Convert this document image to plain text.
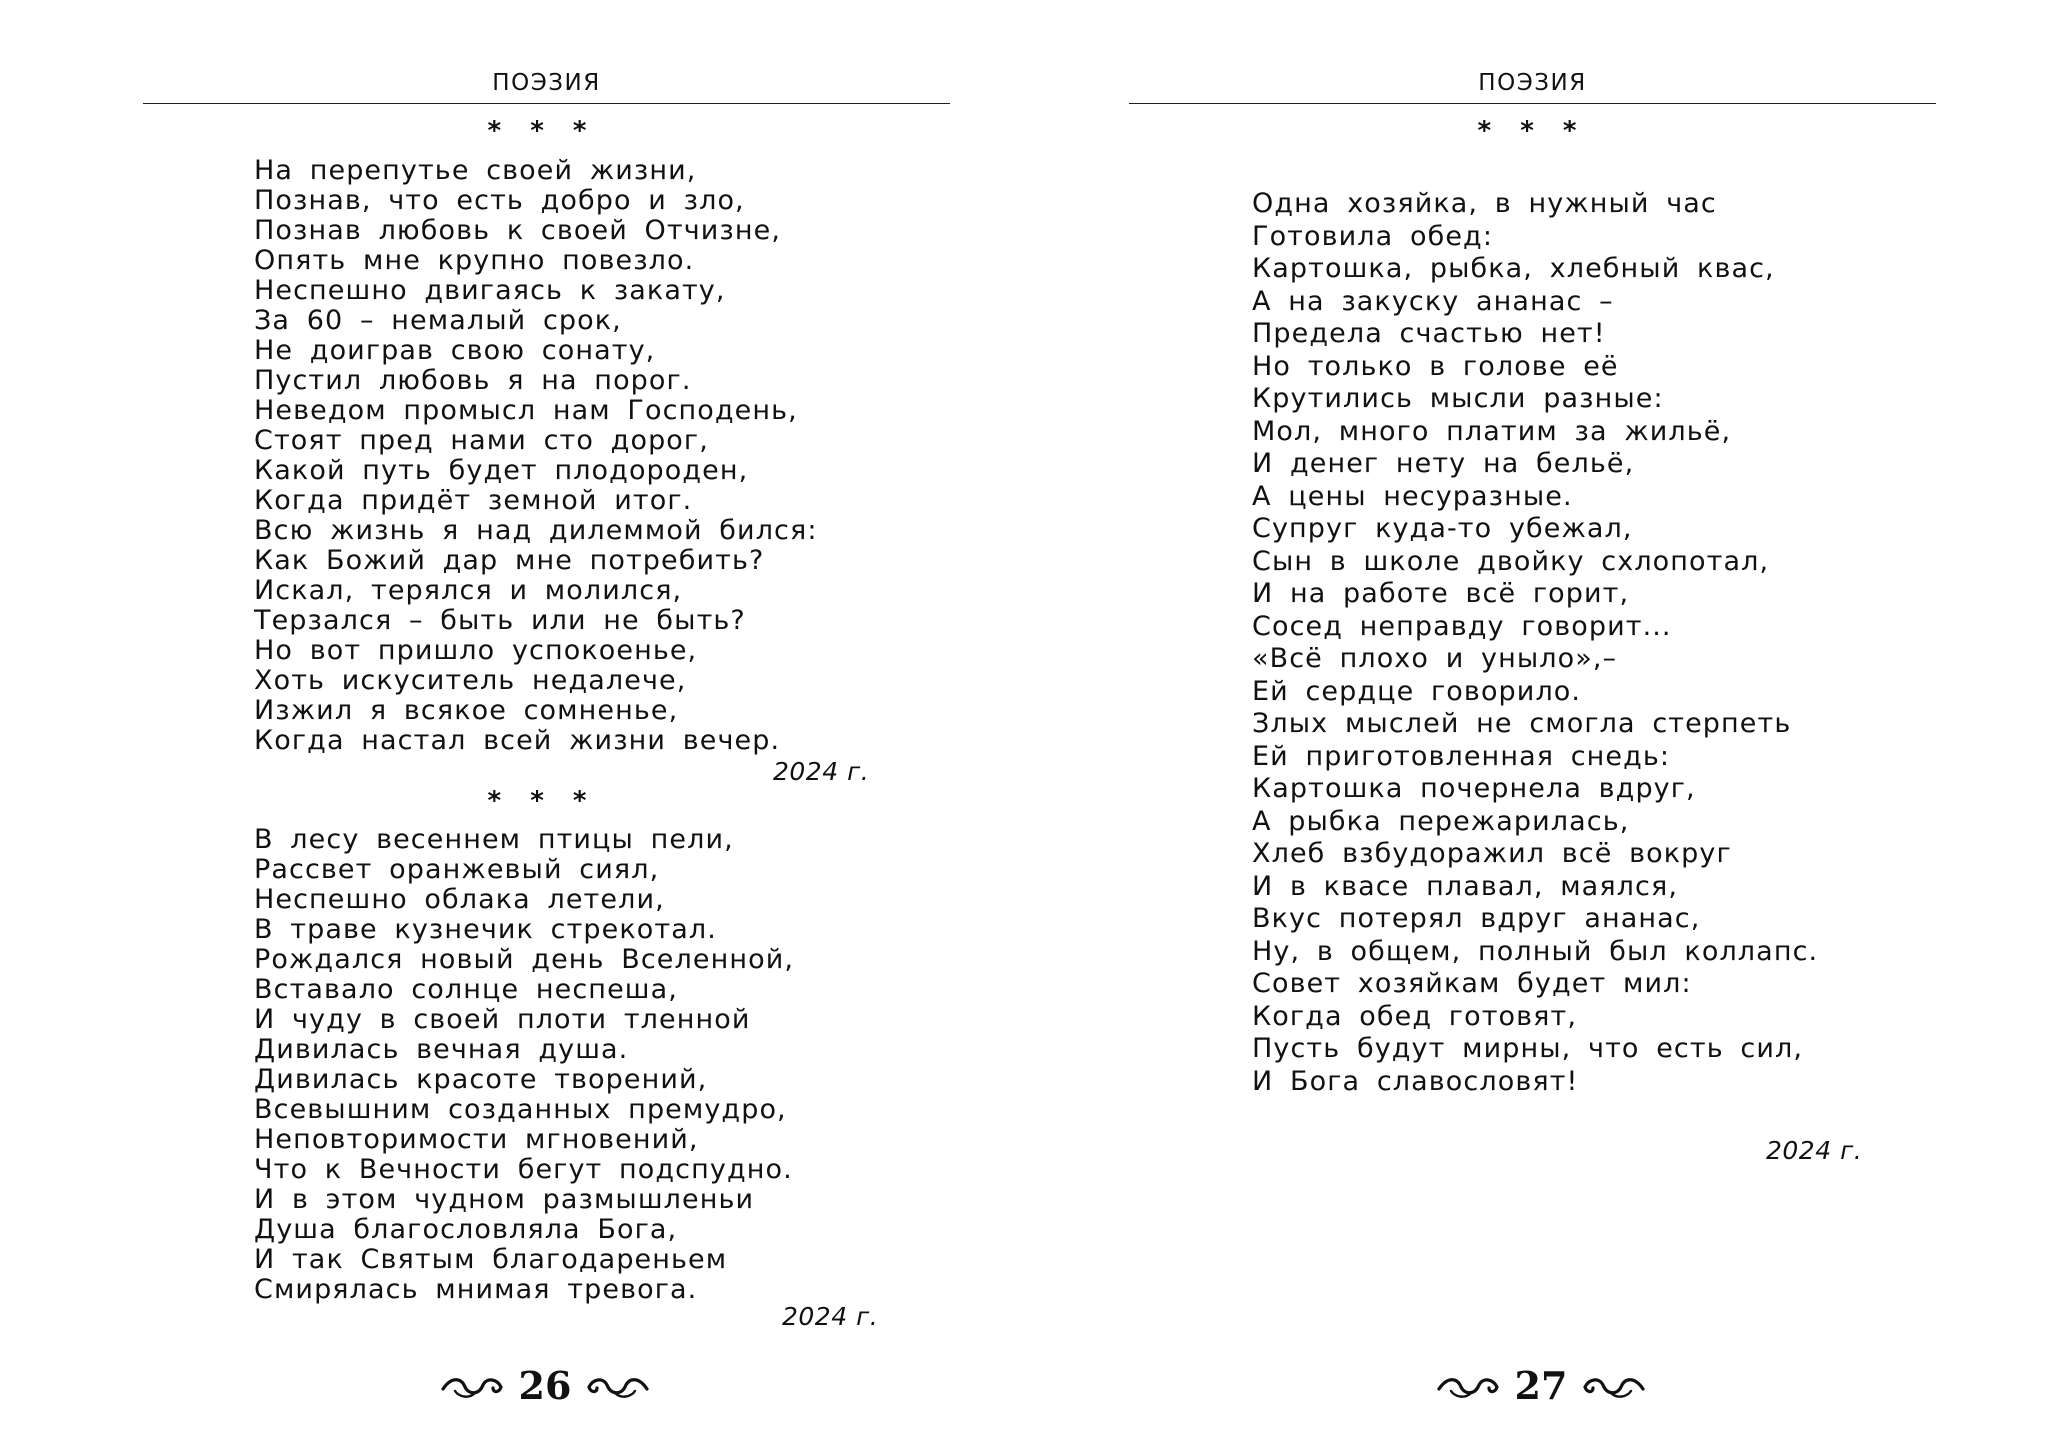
ПОЭЗИЯ
* * *
На перепутье своей жизни,
Познав, что есть добро и зло,
Познав любовь к своей Отчизне,
Опять мне крупно повезло.
Неспешно двигаясь к закату,
За 60 – немалый срок,
Не доиграв свою сонату,
Пустил любовь я на порог.
Неведом промысл нам Господень,
Стоят пред нами сто дорог,
Какой путь будет плодороден,
Когда придёт земной итог.
Всю жизнь я над дилеммой бился:
Как Божий дар мне потребить?
Искал, терялся и молился,
Терзался – быть или не быть?
Но вот пришло успокоенье,
Хоть искуситель недалече,
Изжил я всякое сомненье,
Когда настал всей жизни вечер.
2024 г.
* * *
В лесу весеннем птицы пели,
Рассвет оранжевый сиял,
Неспешно облака летели,
В траве кузнечик стрекотал.
Рождался новый день Вселенной,
Вставало солнце неспеша,
И чуду в своей плоти тленной
Дивилась вечная душа.
Дивилась красоте творений,
Всевышним созданных премудро,
Неповторимости мгновений,
Что к Вечности бегут подспудно.
И в этом чудном размышленьи
Душа благословляла Бога,
И так Святым благодареньем
Смирялась мнимая тревога.
2024 г.
26
ПОЭЗИЯ
* * *
Одна хозяйка, в нужный час
Готовила обед:
Картошка, рыбка, хлебный квас,
А на закуску ананас –
Предела счастью нет!
Но только в голове её
Крутились мысли разные:
Мол, много платим за жильё,
И денег нету на бельё,
А цены несуразные.
Супруг куда-то убежал,
Сын в школе двойку схлопотал,
И на работе всё горит,
Сосед неправду говорит...
«Всё плохо и уныло»,–
Ей сердце говорило.
Злых мыслей не смогла стерпеть
Ей приготовленная снедь:
Картошка почернела вдруг,
А рыбка пережарилась,
Хлеб взбудоражил всё вокруг
И в квасе плавал, маялся,
Вкус потерял вдруг ананас,
Ну, в общем, полный был коллапс.
Совет хозяйкам будет мил:
Когда обед готовят,
Пусть будут мирны, что есть сил,
И Бога славословят!
2024 г.
27
